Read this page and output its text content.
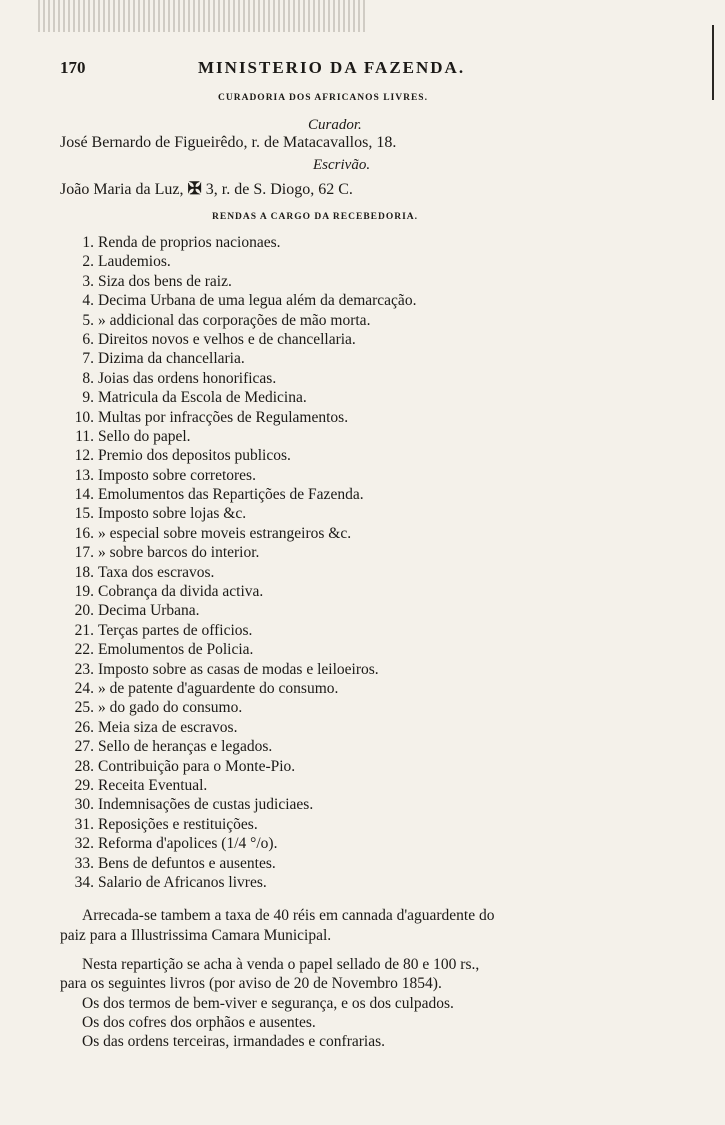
170	MINISTERIO DA FAZENDA.
CURADORIA DOS AFRICANOS LIVRES.
Curador.
José Bernardo de Figueirêdo, r. de Matacavallos, 18.
Escrivão.
João Maria da Luz, ✠ 3, r. de S. Diogo, 62 C.
RENDAS A CARGO DA RECEBEDORIA.
1. Renda de proprios nacionaes.
2. Laudemios.
3. Siza dos bens de raiz.
4. Decima Urbana de uma legua além da demarcação.
5. » addicional das corporações de mão morta.
6. Direitos novos e velhos e de chancellaria.
7. Dizima da chancellaria.
8. Joias das ordens honorificas.
9. Matricula da Escola de Medicina.
10. Multas por infracções de Regulamentos.
11. Sello do papel.
12. Premio dos depositos publicos.
13. Imposto sobre corretores.
14. Emolumentos das Repartições de Fazenda.
15. Imposto sobre lojas &c.
16. » especial sobre moveis estrangeiros &c.
17. » sobre barcos do interior.
18. Taxa dos escravos.
19. Cobrança da divida activa.
20. Decima Urbana.
21. Terças partes de officios.
22. Emolumentos de Policia.
23. Imposto sobre as casas de modas e leiloeiros.
24. » de patente d'aguardente do consumo.
25. » do gado do consumo.
26. Meia siza de escravos.
27. Sello de heranças e legados.
28. Contribuição para o Monte-Pio.
29. Receita Eventual.
30. Indemnisações de custas judiciaes.
31. Reposições e restituições.
32. Reforma d'apolices (1/4 °/o).
33. Bens de defuntos e ausentes.
34. Salario de Africanos livres.
Arrecada-se tambem a taxa de 40 réis em cannada d'aguardente do
paiz para a Illustrissima Camara Municipal.
Nesta repartição se acha à venda o papel sellado de 80 e 100 rs.,
para os seguintes livros (por aviso de 20 de Novembro 1854).
Os dos termos de bem-viver e segurança, e os dos culpados.
Os dos cofres dos orphãos e ausentes.
Os das ordens terceiras, irmandades e confrarias.
